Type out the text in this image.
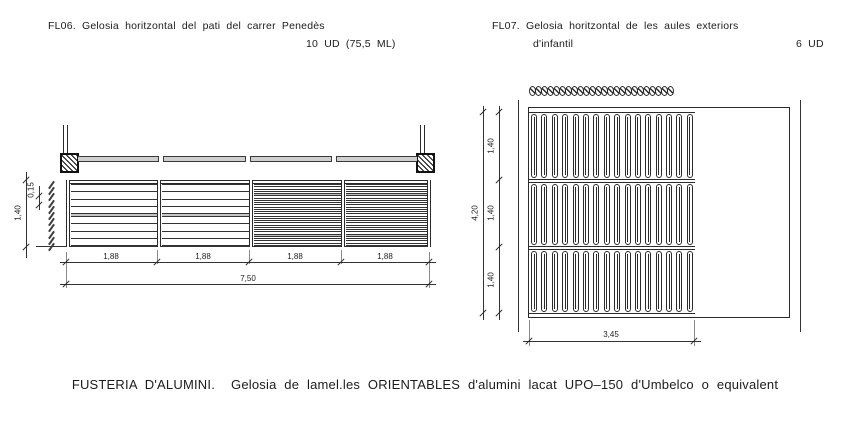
FL06. Gelosia horitzontal del pati del carrer Penedès
10 UD (75,5 ML)
FL07. Gelosia horitzontal de les aules exteriors
d'infantil	6 UD
1,40
0,15
1,88	1,88	1,88	1,88
7,50
1,40
1,40
1,40
4,20
3,45
FUSTERIA D'ALUMINI. Gelosia de lamel.les ORIENTABLES d'alumini lacat UPO–150 d'Umbelco o equivalent
